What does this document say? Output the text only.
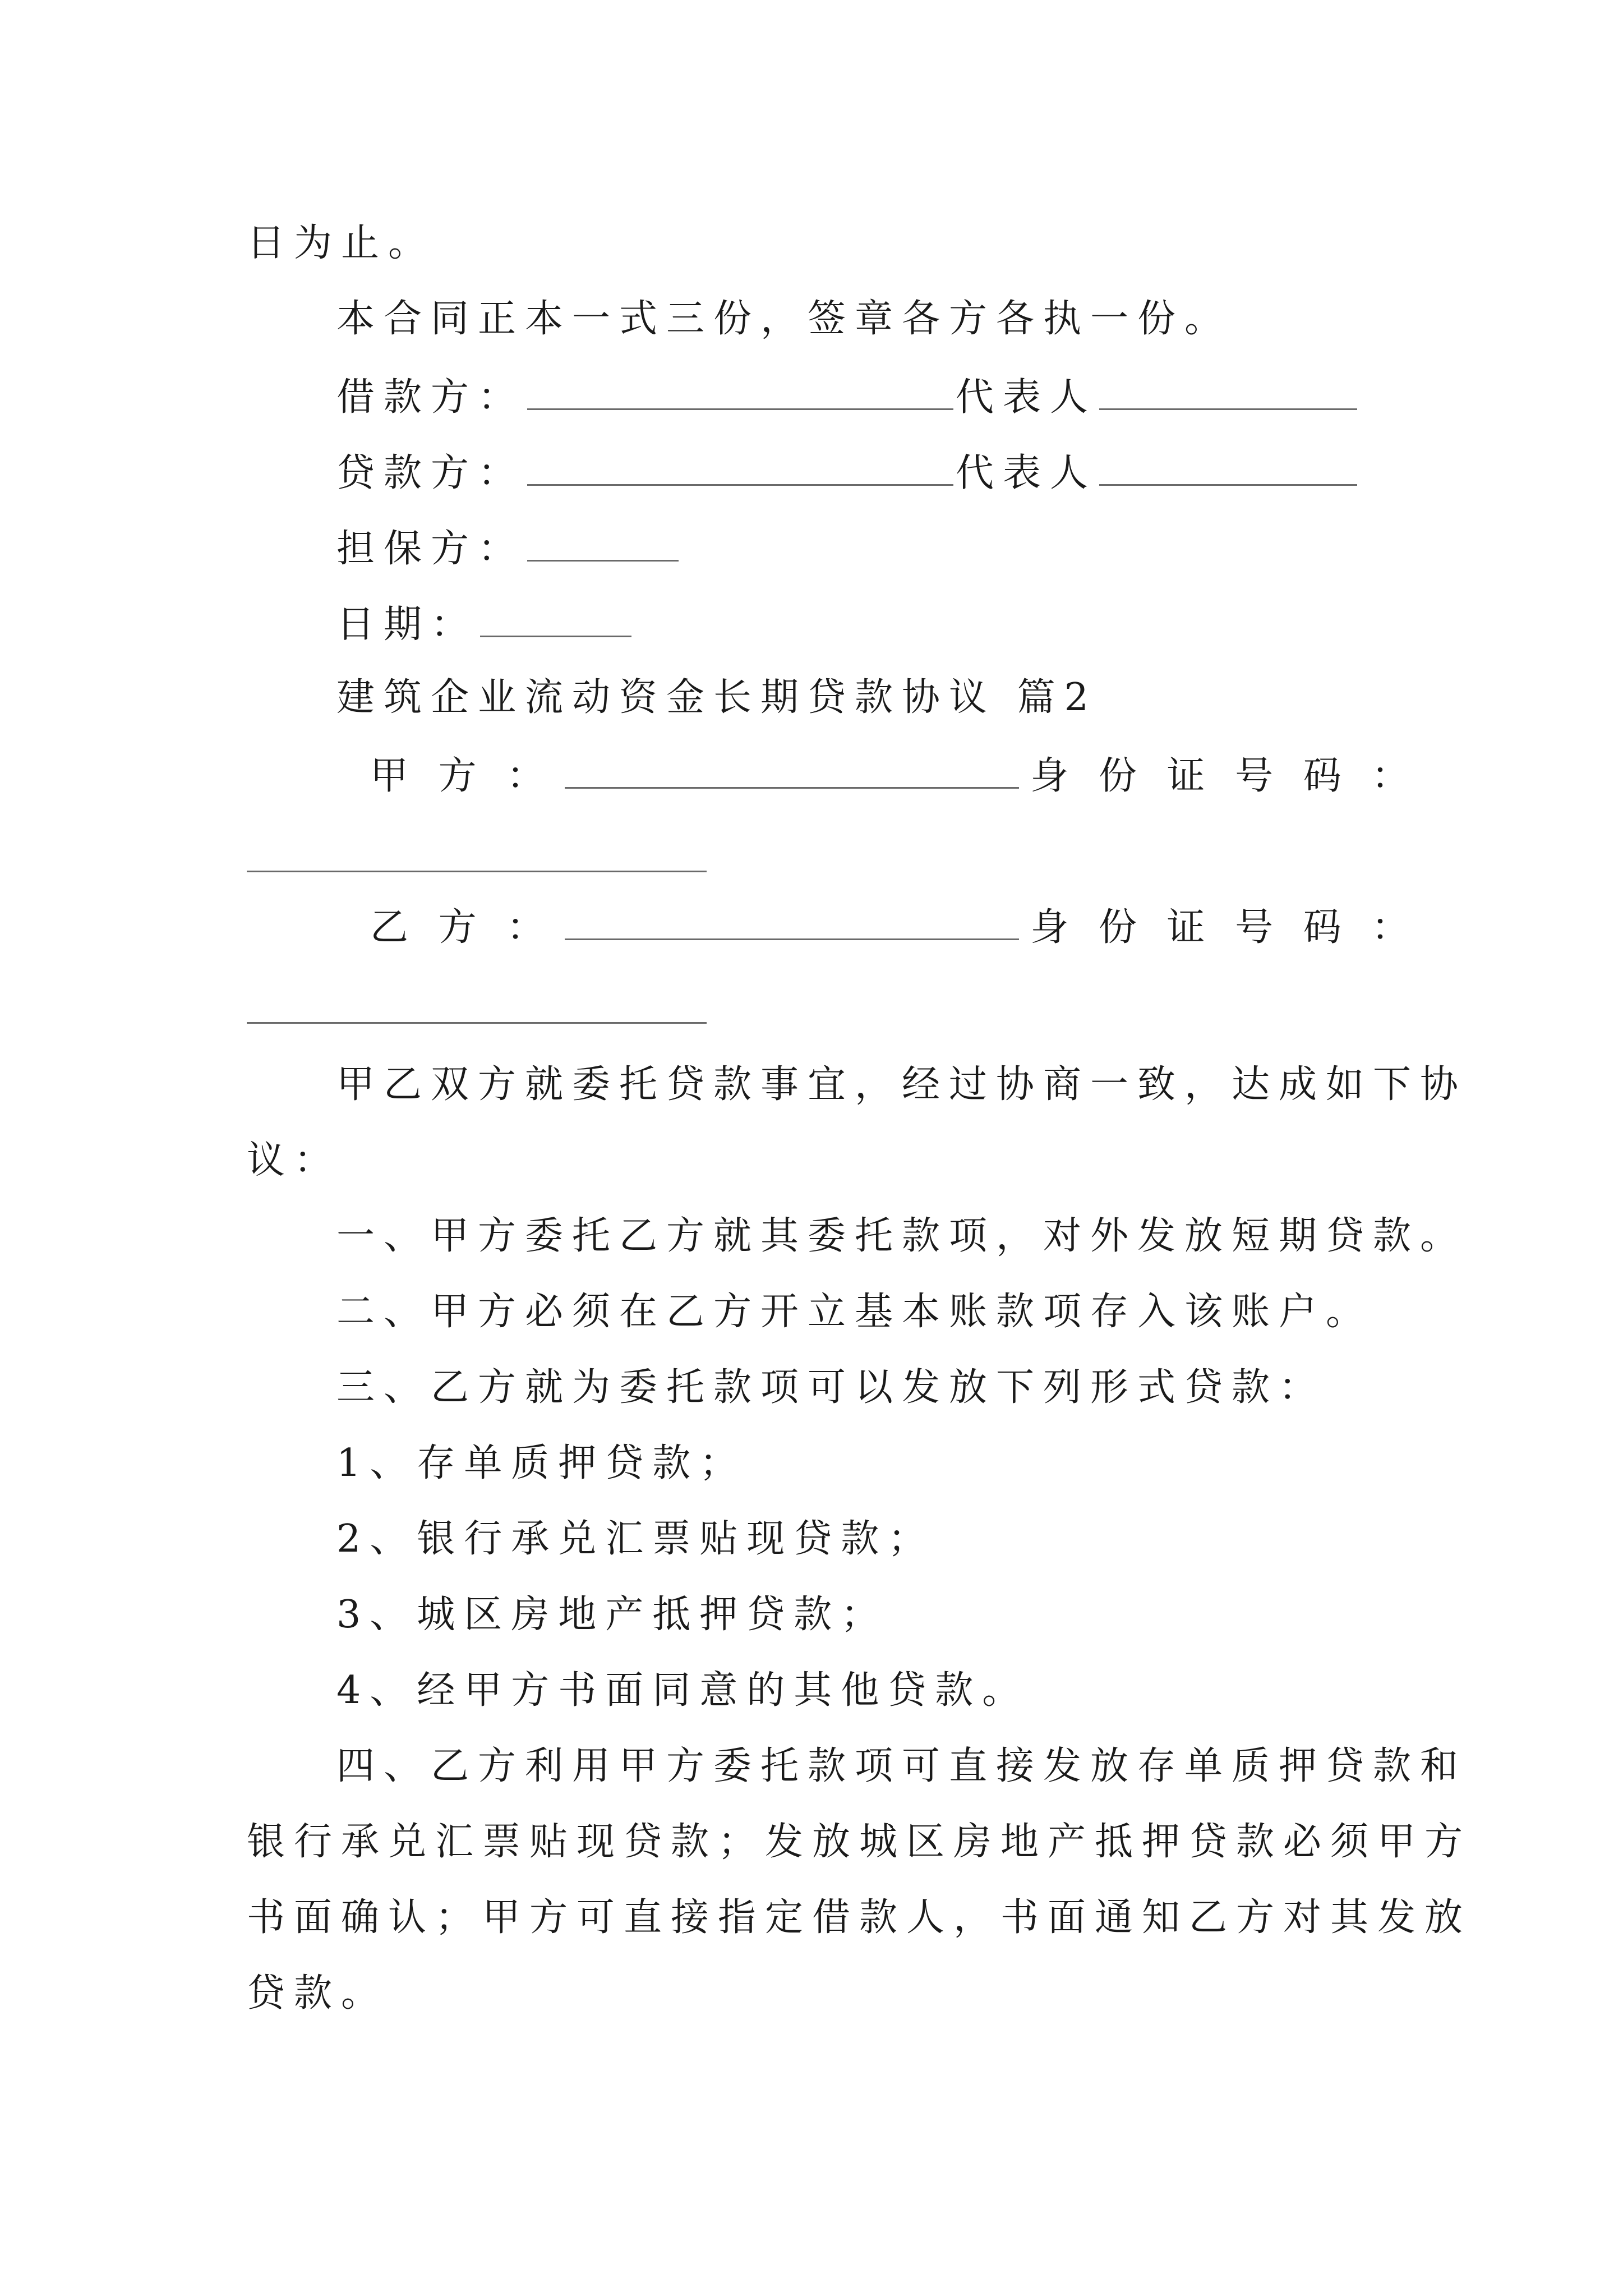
日为止。
本合同正本一式三份，签章各方各执一份。
借款方：	代表人
贷款方：	代表人
担保方：
日期：
建筑企业流动资金长期贷款协议 篇2
甲 方 ：	身 份 证 号 码 ：
乙 方 ：	身 份 证 号 码 ：
甲乙双方就委托贷款事宜，经过协商一致，达成如下协
议：
一、甲方委托乙方就其委托款项，对外发放短期贷款。
二、甲方必须在乙方开立基本账款项存入该账户。
三、乙方就为委托款项可以发放下列形式贷款：
1、存单质押贷款；
2、银行承兑汇票贴现贷款；
3、城区房地产抵押贷款；
4、经甲方书面同意的其他贷款。
四、乙方利用甲方委托款项可直接发放存单质押贷款和
银行承兑汇票贴现贷款；发放城区房地产抵押贷款必须甲方
书面确认；甲方可直接指定借款人，书面通知乙方对其发放
贷款。
